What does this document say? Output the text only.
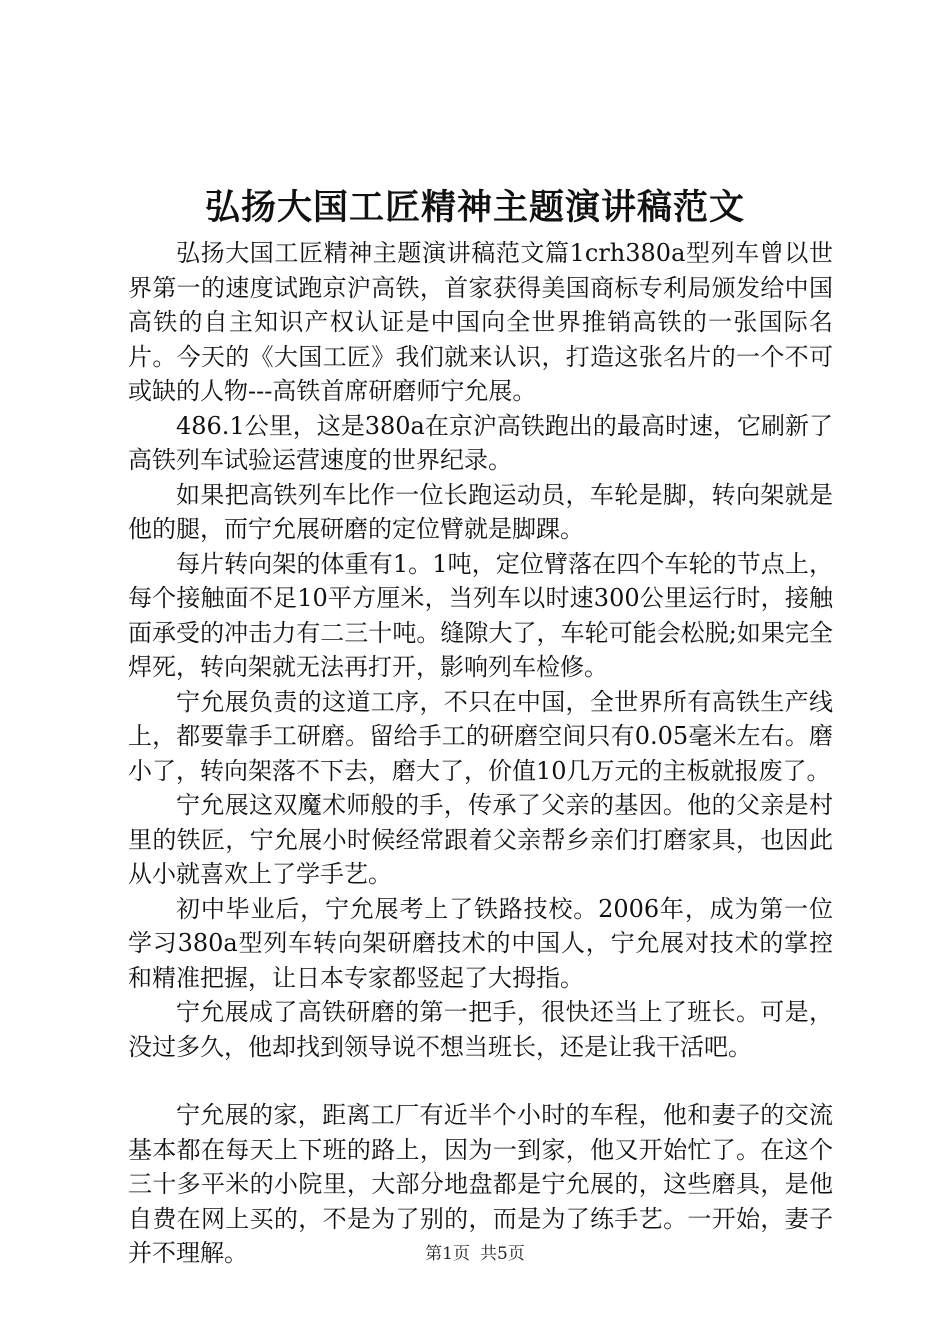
弘扬大国工匠精神主题演讲稿范文

弘扬大国工匠精神主题演讲稿范文篇1crh380a型列车曾以世界第一的速度试跑京沪高铁，首家获得美国商标专利局颁发给中国高铁的自主知识产权认证是中国向全世界推销高铁的一张国际名片。今天的《大国工匠》我们就来认识，打造这张名片的一个不可或缺的人物---高铁首席研磨师宁允展。

486.1公里，这是380a在京沪高铁跑出的最高时速，它刷新了高铁列车试验运营速度的世界纪录。

如果把高铁列车比作一位长跑运动员，车轮是脚，转向架就是他的腿，而宁允展研磨的定位臂就是脚踝。

每片转向架的体重有1。1吨，定位臂落在四个车轮的节点上，每个接触面不足10平方厘米，当列车以时速300公里运行时，接触面承受的冲击力有二三十吨。缝隙大了，车轮可能会松脱;如果完全焊死，转向架就无法再打开，影响列车检修。

宁允展负责的这道工序，不只在中国，全世界所有高铁生产线上，都要靠手工研磨。留给手工的研磨空间只有0.05毫米左右。磨小了，转向架落不下去，磨大了，价值10几万元的主板就报废了。

宁允展这双魔术师般的手，传承了父亲的基因。他的父亲是村里的铁匠，宁允展小时候经常跟着父亲帮乡亲们打磨家具，也因此从小就喜欢上了学手艺。

初中毕业后，宁允展考上了铁路技校。2006年，成为第一位学习380a型列车转向架研磨技术的中国人，宁允展对技术的掌控和精准把握，让日本专家都竖起了大拇指。

宁允展成了高铁研磨的第一把手，很快还当上了班长。可是，没过多久，他却找到领导说不想当班长，还是让我干活吧。

宁允展的家，距离工厂有近半个小时的车程，他和妻子的交流基本都在每天上下班的路上，因为一到家，他又开始忙了。在这个三十多平米的小院里，大部分地盘都是宁允展的，这些磨具，是他自费在网上买的，不是为了别的，而是为了练手艺。一开始，妻子并不理解。	第1页 共5页
